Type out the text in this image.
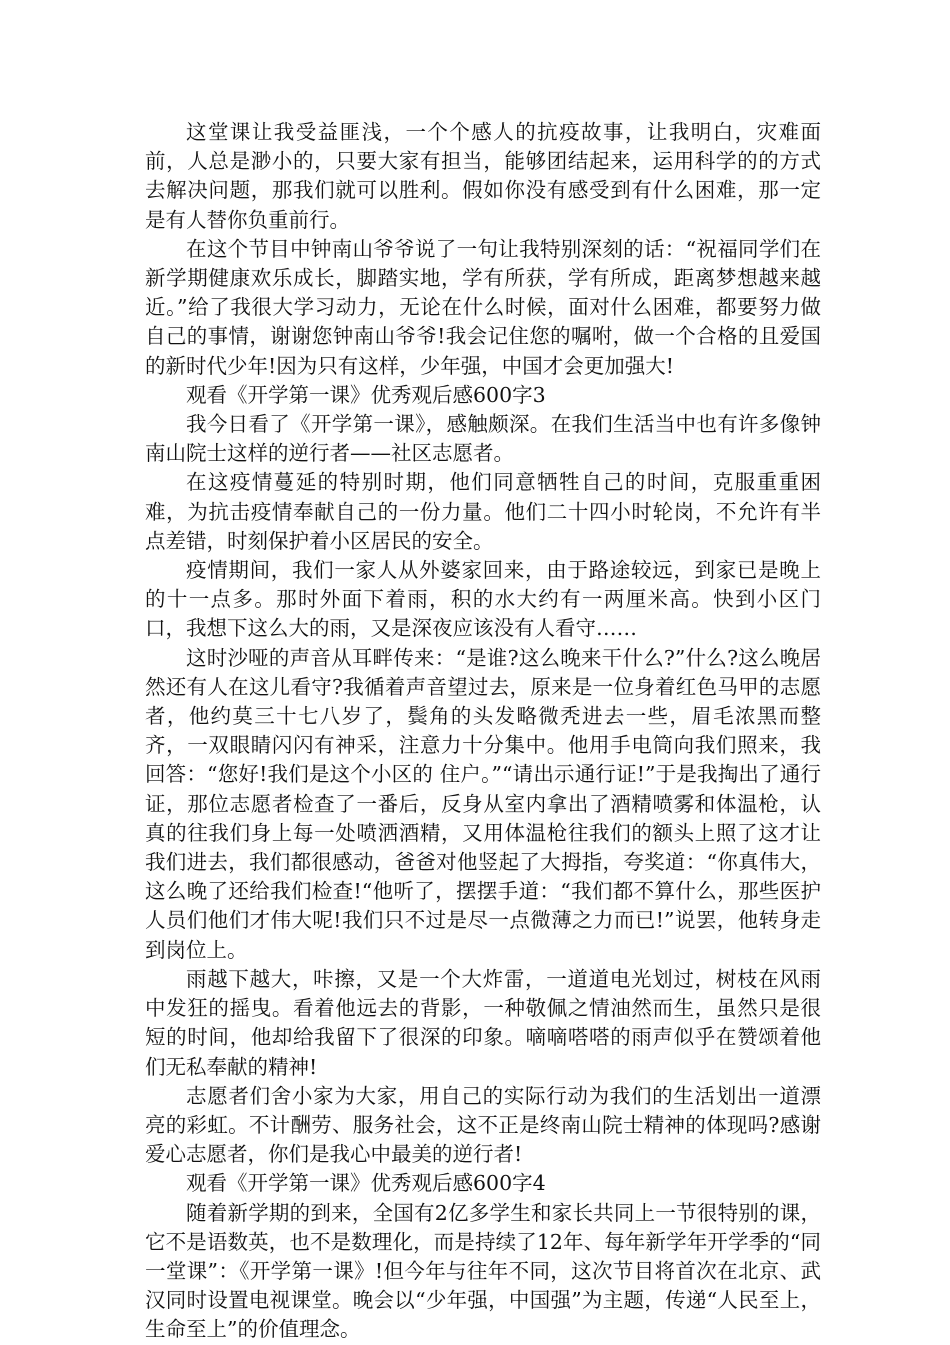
这堂课让我受益匪浅，一个个感人的抗疫故事，让我明白，灾难面前，人总是渺小的，只要大家有担当，能够团结起来，运用科学的的方式去解决问题，那我们就可以胜利。假如你没有感受到有什么困难，那一定是有人替你负重前行。

在这个节目中钟南山爷爷说了一句让我特别深刻的话：“祝福同学们在新学期健康欢乐成长，脚踏实地，学有所获，学有所成，距离梦想越来越近。”给了我很大学习动力，无论在什么时候，面对什么困难，都要努力做自己的事情，谢谢您钟南山爷爷!我会记住您的嘱咐，做一个合格的且爱国的新时代少年!因为只有这样，少年强，中国才会更加强大!

观看《开学第一课》优秀观后感600字3

我今日看了《开学第一课》，感触颇深。在我们生活当中也有许多像钟南山院士这样的逆行者——社区志愿者。

在这疫情蔓延的特别时期，他们同意牺牲自己的时间，克服重重困难，为抗击疫情奉献自己的一份力量。他们二十四小时轮岗，不允许有半点差错，时刻保护着小区居民的安全。

疫情期间，我们一家人从外婆家回来，由于路途较远，到家已是晚上的十一点多。那时外面下着雨，积的水大约有一两厘米高。快到小区门口，我想下这么大的雨，又是深夜应该没有人看守……

这时沙哑的声音从耳畔传来：“是谁?这么晚来干什么?”什么?这么晚居然还有人在这儿看守?我循着声音望过去，原来是一位身着红色马甲的志愿者，他约莫三十七八岁了，鬓角的头发略微秃进去一些，眉毛浓黑而整齐，一双眼睛闪闪有神采，注意力十分集中。他用手电筒向我们照来，我回答：“您好!我们是这个小区的 住户。”“请出示通行证!”于是我掏出了通行证，那位志愿者检查了一番后，反身从室内拿出了酒精喷雾和体温枪，认真的往我们身上每一处喷洒酒精，又用体温枪往我们的额头上照了这才让我们进去，我们都很感动，爸爸对他竖起了大拇指，夸奖道：“你真伟大，这么晚了还给我们检查!“他听了，摆摆手道：“我们都不算什么，那些医护人员们他们才伟大呢!我们只不过是尽一点微薄之力而已!”说罢，他转身走到岗位上。

雨越下越大，咔擦，又是一个大炸雷，一道道电光划过，树枝在风雨中发狂的摇曳。看着他远去的背影，一种敬佩之情油然而生，虽然只是很短的时间，他却给我留下了很深的印象。嘀嘀嗒嗒的雨声似乎在赞颂着他们无私奉献的精神!

志愿者们舍小家为大家，用自己的实际行动为我们的生活划出一道漂亮的彩虹。不计酬劳、服务社会，这不正是终南山院士精神的体现吗?感谢爱心志愿者，你们是我心中最美的逆行者!

观看《开学第一课》优秀观后感600字4

随着新学期的到来，全国有2亿多学生和家长共同上一节很特别的课，它不是语数英，也不是数理化，而是持续了12年、每年新学年开学季的“同一堂课”：《开学第一课》!但今年与往年不同，这次节目将首次在北京、武汉同时设置电视课堂。晚会以“少年强，中国强”为主题，传递“人民至上，生命至上”的价值理念。
